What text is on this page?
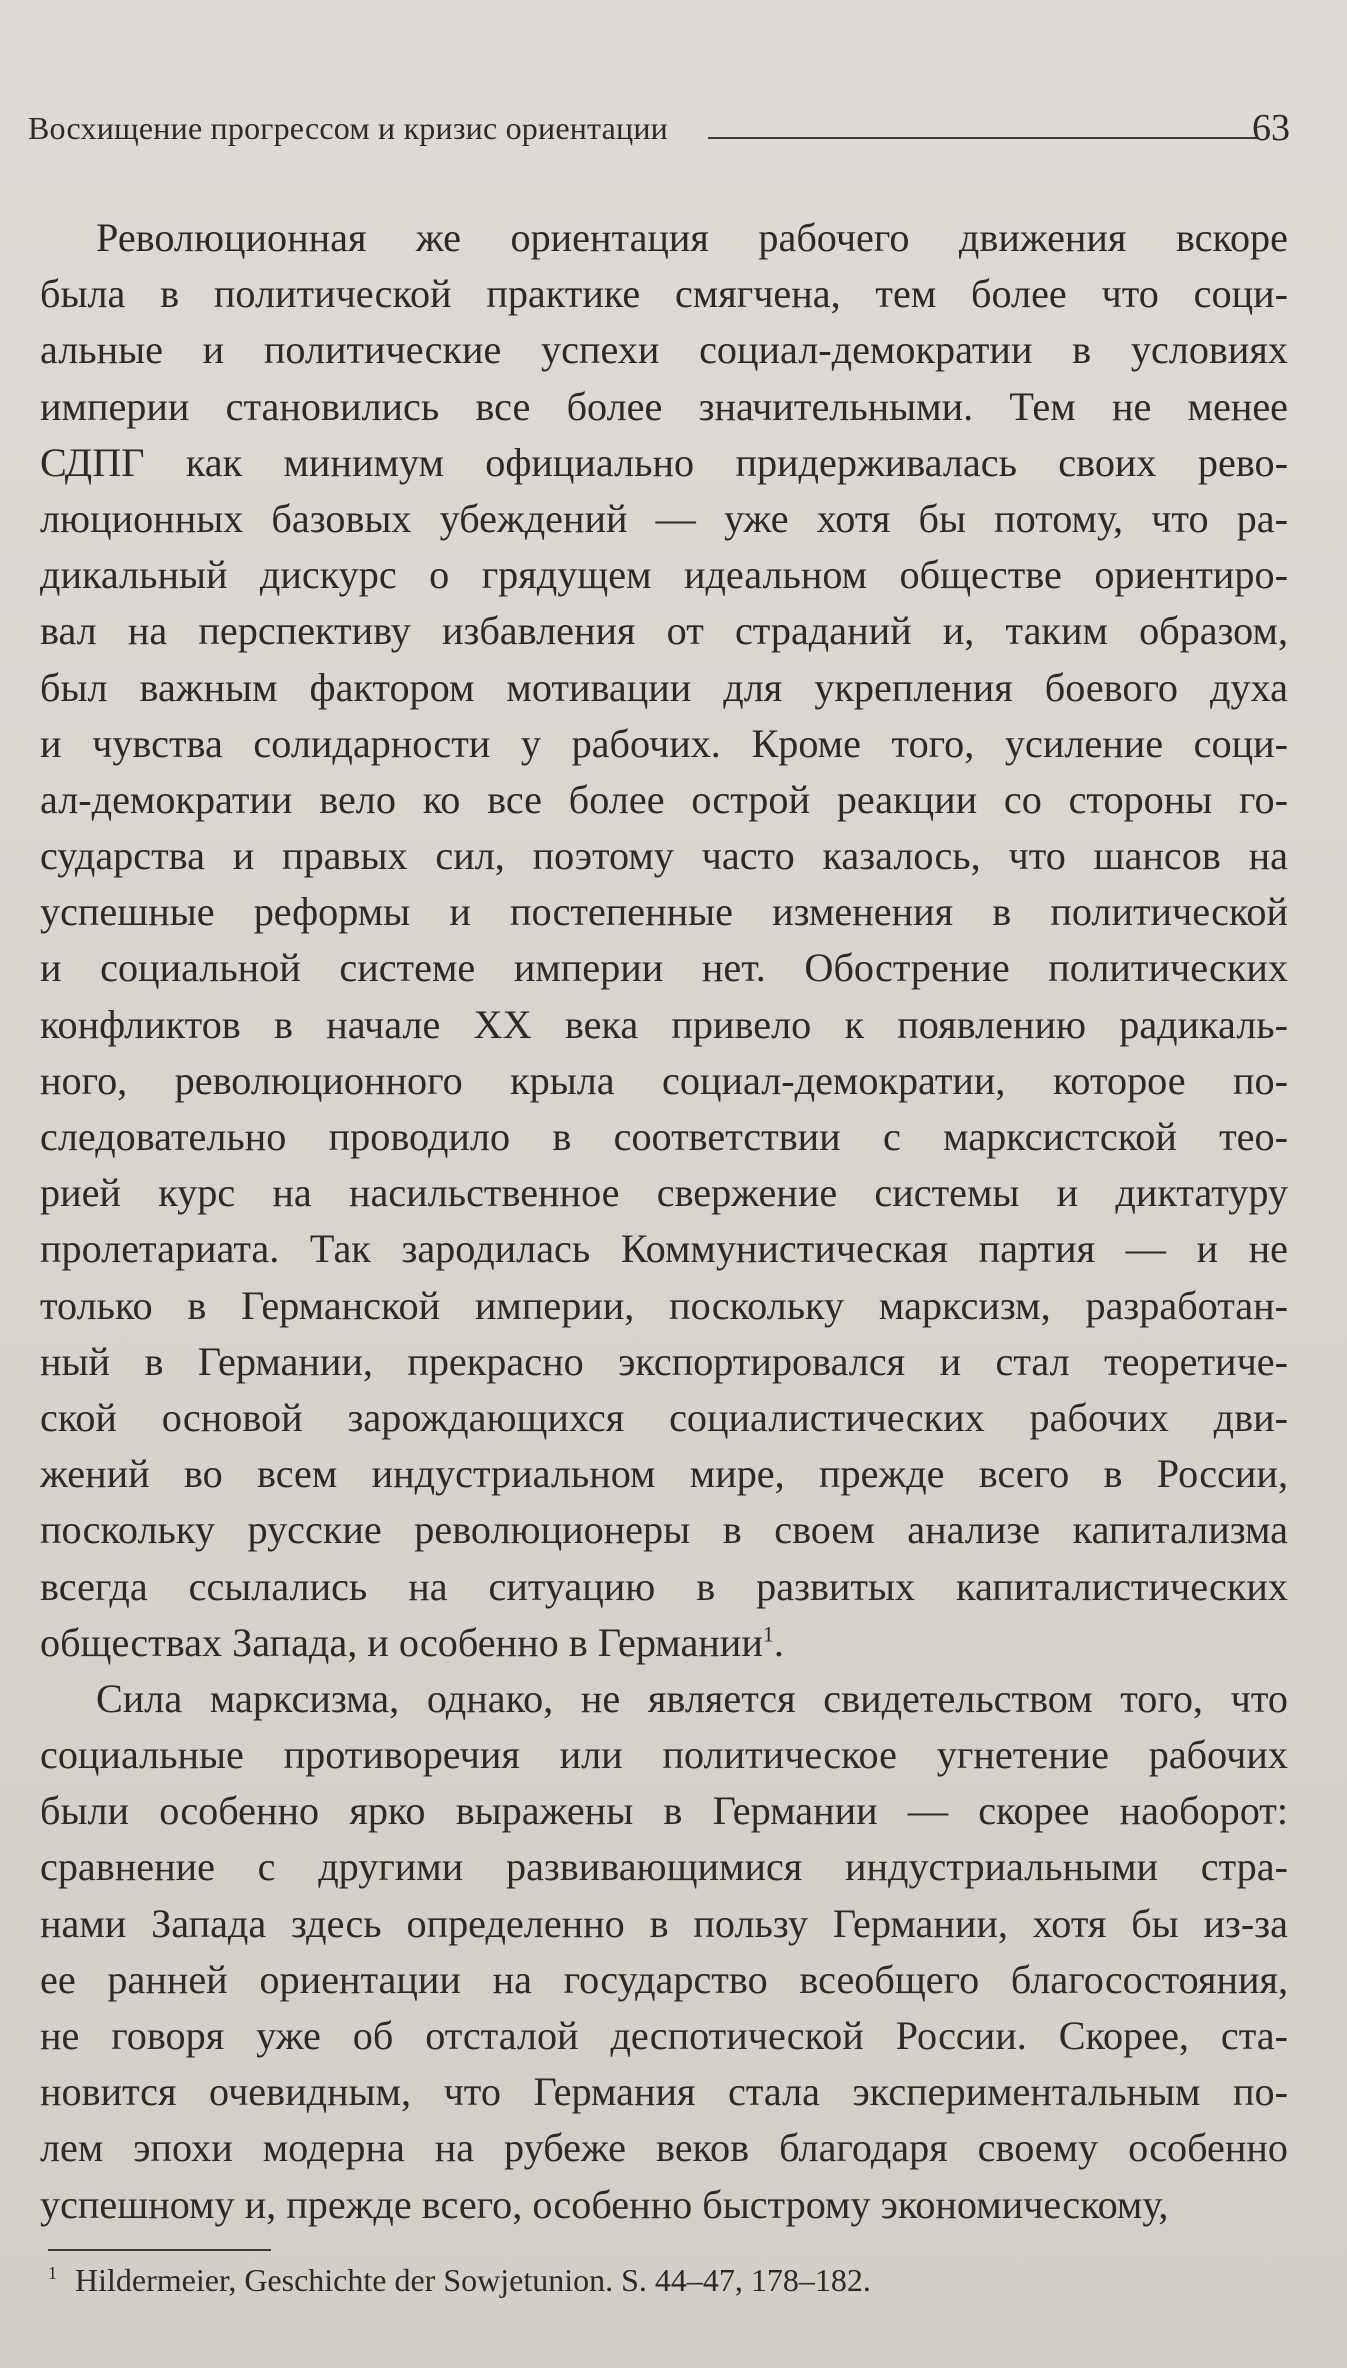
Восхищение прогрессом и кризис ориентации	63
Революционная же ориентация рабочего движения вскоре
была в политической практике смягчена, тем более что соци-
альные и политические успехи социал-демократии в условиях
империи становились все более значительными. Тем не менее
СДПГ как минимум официально придерживалась своих рево-
люционных базовых убеждений — уже хотя бы потому, что ра-
дикальный дискурс о грядущем идеальном обществе ориентиро-
вал на перспективу избавления от страданий и, таким образом,
был важным фактором мотивации для укрепления боевого духа
и чувства солидарности у рабочих. Кроме того, усиление соци-
ал-демократии вело ко все более острой реакции со стороны го-
сударства и правых сил, поэтому часто казалось, что шансов на
успешные реформы и постепенные изменения в политической
и социальной системе империи нет. Обострение политических
конфликтов в начале XX века привело к появлению радикаль-
ного, революционного крыла социал-демократии, которое по-
следовательно проводило в соответствии с марксистской тео-
рией курс на насильственное свержение системы и диктатуру
пролетариата. Так зародилась Коммунистическая партия — и не
только в Германской империи, поскольку марксизм, разработан-
ный в Германии, прекрасно экспортировался и стал теоретиче-
ской основой зарождающихся социалистических рабочих дви-
жений во всем индустриальном мире, прежде всего в России,
поскольку русские революционеры в своем анализе капитализма
всегда ссылались на ситуацию в развитых капиталистических
обществах Запада, и особенно в Германии$^1$.
Сила марксизма, однако, не является свидетельством того, что
социальные противоречия или политическое угнетение рабочих
были особенно ярко выражены в Германии — скорее наоборот:
сравнение с другими развивающимися индустриальными стра-
нами Запада здесь определенно в пользу Германии, хотя бы из-за
ее ранней ориентации на государство всеобщего благосостояния,
не говоря уже об отсталой деспотической России. Скорее, ста-
новится очевидным, что Германия стала экспериментальным по-
лем эпохи модерна на рубеже веков благодаря своему особенно
успешному и, прежде всего, особенно быстрому экономическому,
$^1$ Hildermeier, Geschichte der Sowjetunion. S. 44–47, 178–182.
